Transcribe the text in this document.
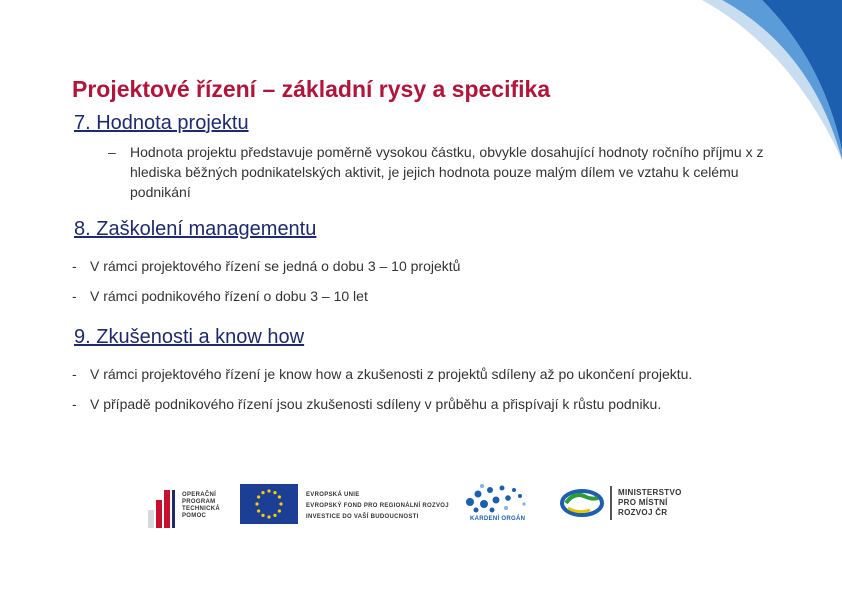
Projektové řízení – základní rysy a specifika
7. Hodnota projektu
– Hodnota projektu představuje poměrně vysokou částku, obvykle dosahující hodnoty ročního příjmu x z hlediska běžných podnikatelských aktivit, je jejich hodnota pouze malým dílem ve vztahu k celému podnikání
8. Zaškolení managementu
- V rámci projektového řízení se jedná o dobu 3 – 10 projektů
- V rámci podnikového řízení o dobu 3 – 10 let
9. Zkušenosti a know how
- V rámci projektového řízení je know how a zkušenosti z projektů sdíleny až po ukončení projektu.
- V případě podnikového řízení jsou zkušenosti sdíleny v průběhu a přispívají k růstu podniku.
OPERAČNÍ
PROGRAM
TECHNICKÁ
POMOC
EVROPSKÁ UNIE
EVROPSKÝ FOND PRO REGIONÁLNÍ ROZVOJ
INVESTICE DO VAŠÍ BUDOUCNOSTI	KARDENÍ ORGÁN
MINISTERSTVO
PRO MÍSTNÍ
ROZVOJ ČR
